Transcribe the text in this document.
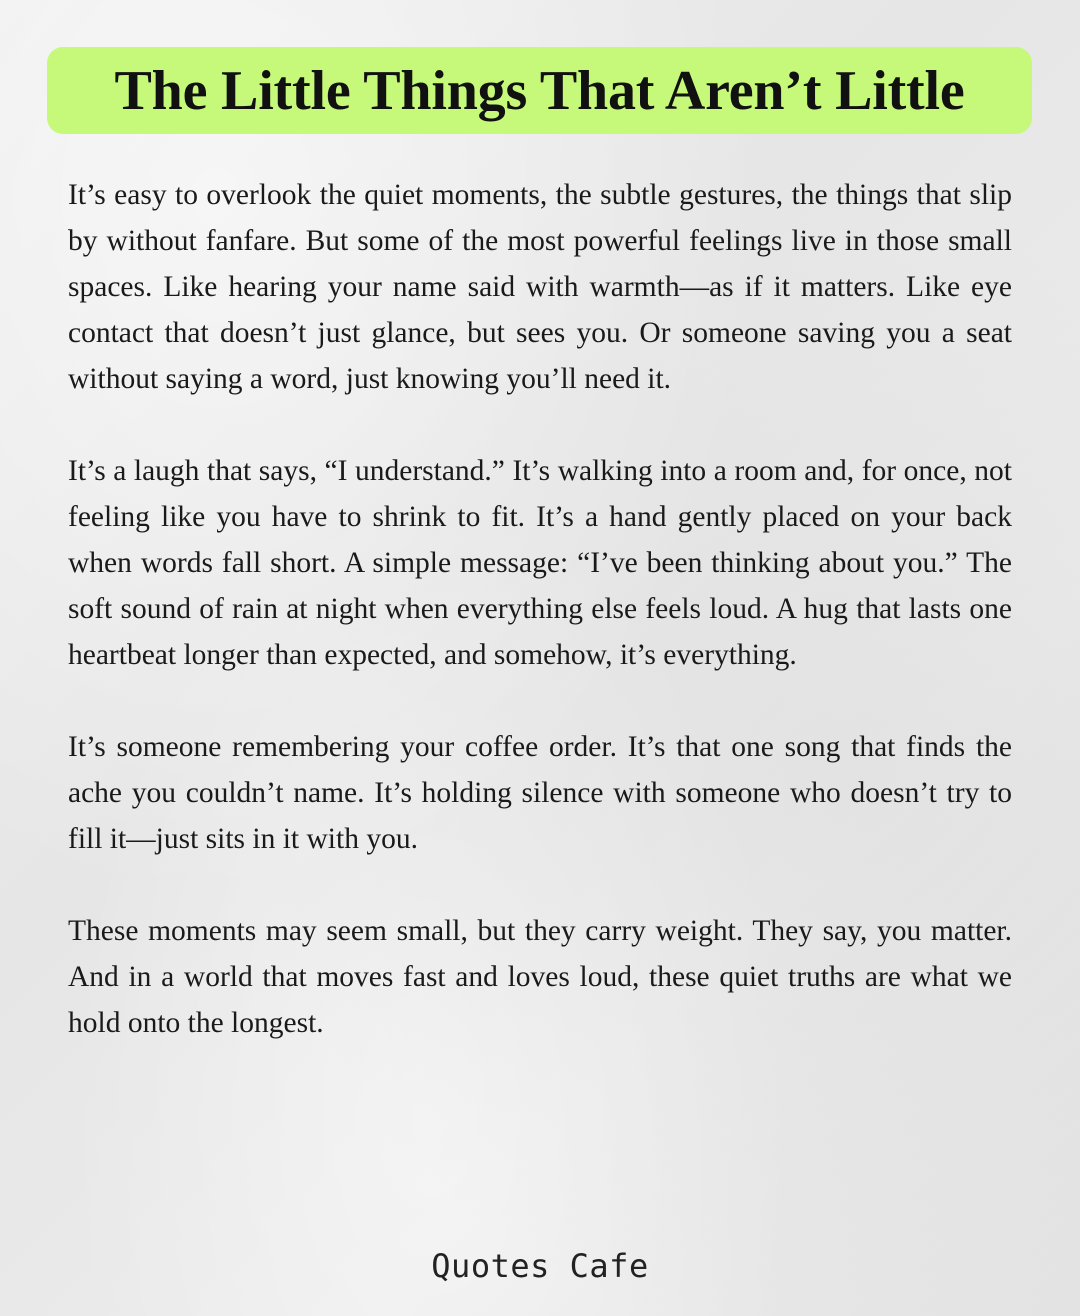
The Little Things That Aren’t Little

It’s easy to overlook the quiet moments, the subtle gestures, the things that slip by without fanfare. But some of the most powerful feelings live in those small spaces. Like hearing your name said with warmth—as if it matters. Like eye contact that doesn’t just glance, but sees you. Or someone saving you a seat without saying a word, just knowing you’ll need it.

It’s a laugh that says, “I understand.” It’s walking into a room and, for once, not feeling like you have to shrink to fit. It’s a hand gently placed on your back when words fall short. A simple message: “I’ve been thinking about you.” The soft sound of rain at night when everything else feels loud. A hug that lasts one heartbeat longer than expected, and somehow, it’s everything.

It’s someone remembering your coffee order. It’s that one song that finds the ache you couldn’t name. It’s holding silence with someone who doesn’t try to fill it—just sits in it with you.

These moments may seem small, but they carry weight. They say, you matter. And in a world that moves fast and loves loud, these quiet truths are what we hold onto the longest.

Quotes Cafe
